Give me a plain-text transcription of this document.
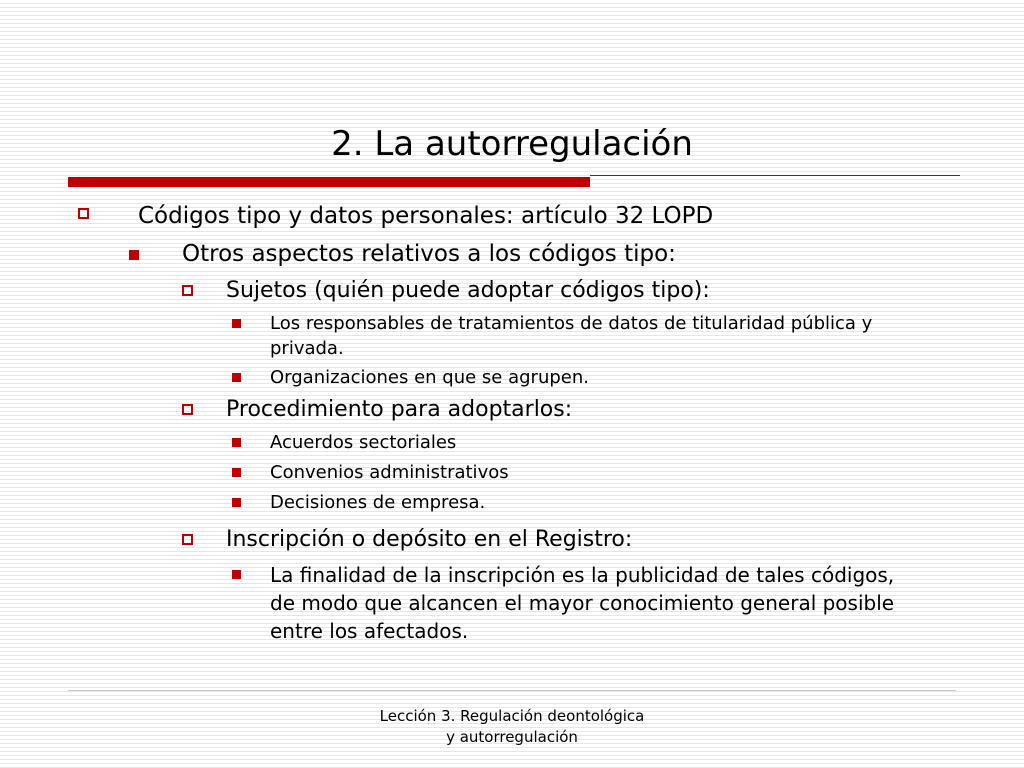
2. La autorregulación

Códigos tipo y datos personales: artículo 32 LOPD

Otros aspectos relativos a los códigos tipo:

Sujetos (quién puede adoptar códigos tipo):

Los responsables de tratamientos de datos de titularidad pública y privada.

Organizaciones en que se agrupen.

Procedimiento para adoptarlos:

Acuerdos sectoriales

Convenios administrativos

Decisiones de empresa.

Inscripción o depósito en el Registro:

La finalidad de la inscripción es la publicidad de tales códigos, de modo que alcancen el mayor conocimiento general posible entre los afectados.

Lección 3. Regulación deontológica
y autorregulación
